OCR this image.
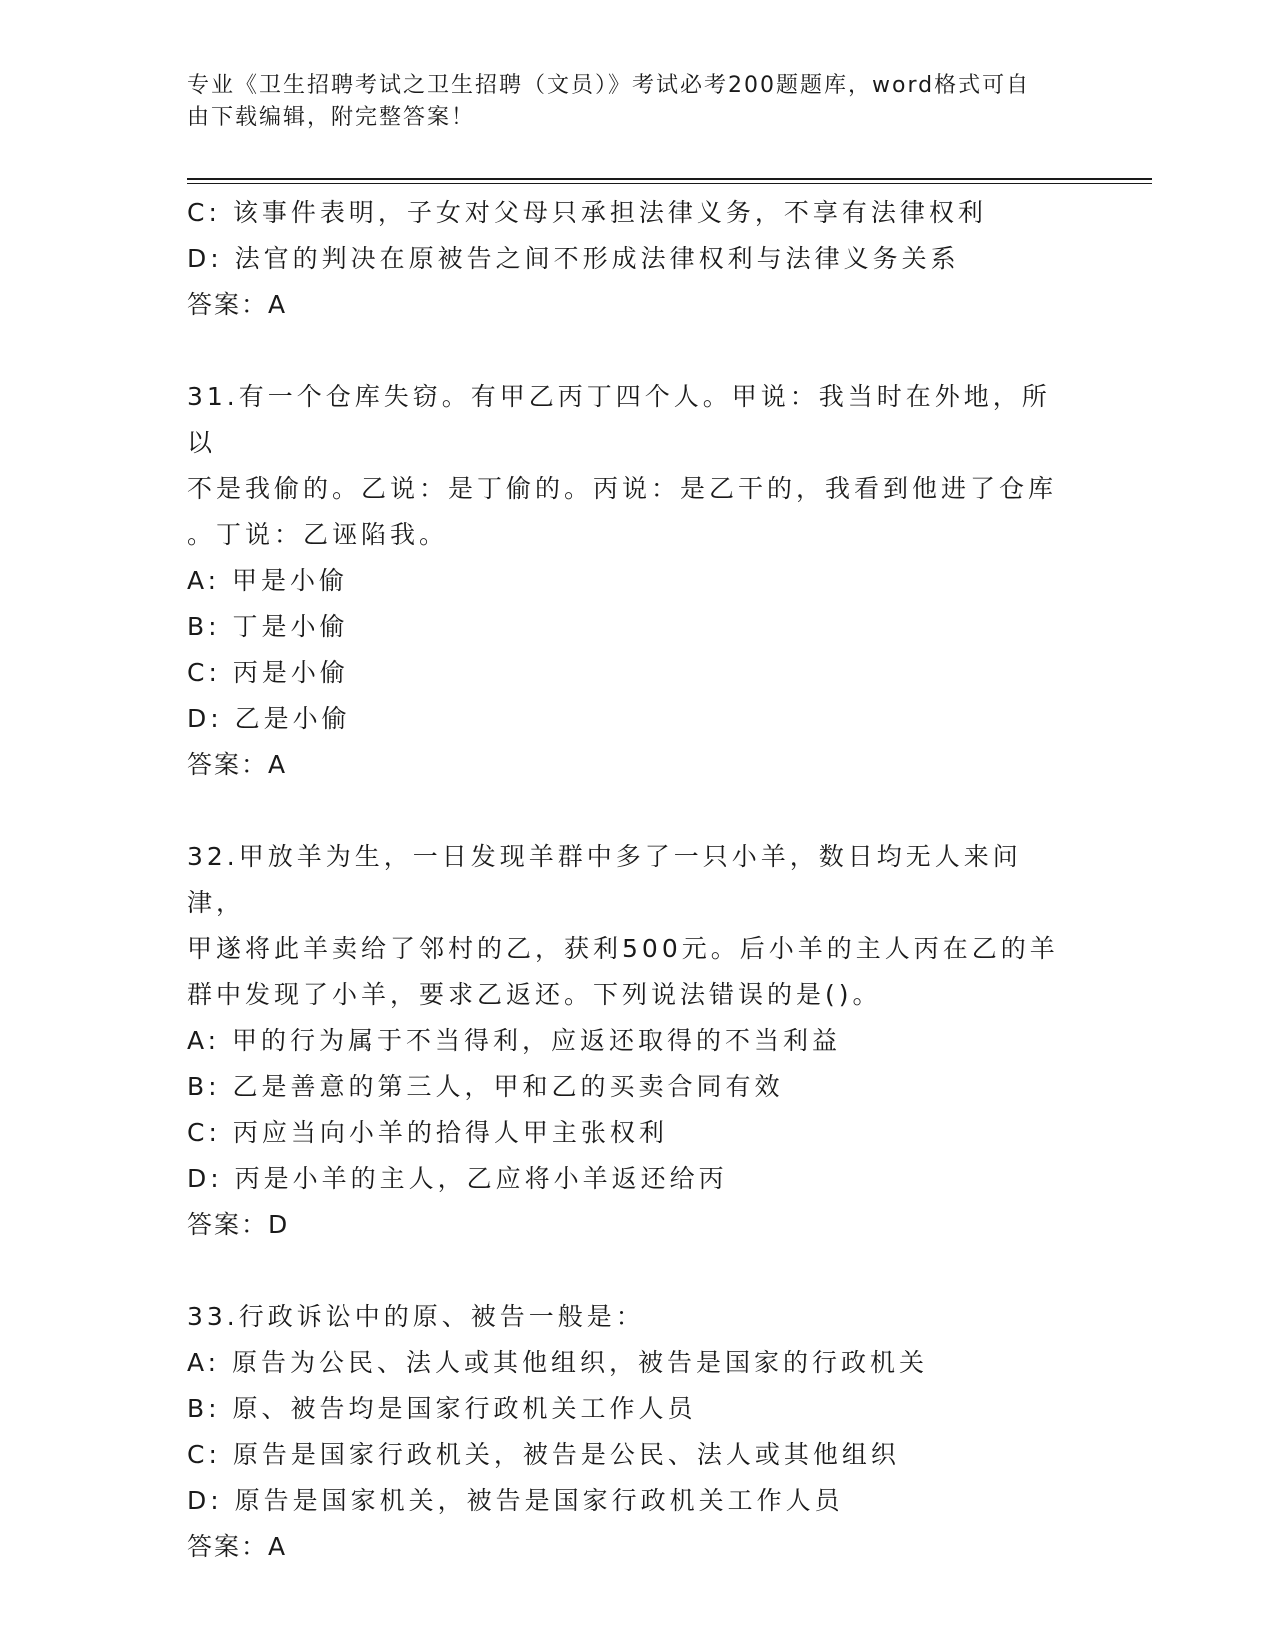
专业《卫生招聘考试之卫生招聘（文员）》考试必考200题题库，word格式可自
由下载编辑，附完整答案！
C: 该事件表明，子女对父母只承担法律义务，不享有法律权利
D: 法官的判决在原被告之间不形成法律权利与法律义务关系
答案：A
31.有一个仓库失窃。有甲乙丙丁四个人。甲说：我当时在外地，所以
不是我偷的。乙说：是丁偷的。丙说：是乙干的，我看到他进了仓库
。丁说：乙诬陷我。
A: 甲是小偷
B: 丁是小偷
C: 丙是小偷
D: 乙是小偷
答案：A
32.甲放羊为生，一日发现羊群中多了一只小羊，数日均无人来问津，
甲遂将此羊卖给了邻村的乙，获利500元。后小羊的主人丙在乙的羊
群中发现了小羊，要求乙返还。下列说法错误的是()。
A: 甲的行为属于不当得利，应返还取得的不当利益
B: 乙是善意的第三人，甲和乙的买卖合同有效
C: 丙应当向小羊的拾得人甲主张权利
D: 丙是小羊的主人，乙应将小羊返还给丙
答案：D
33.行政诉讼中的原、被告一般是：
A: 原告为公民、法人或其他组织，被告是国家的行政机关
B: 原、被告均是国家行政机关工作人员
C: 原告是国家行政机关，被告是公民、法人或其他组织
D: 原告是国家机关，被告是国家行政机关工作人员
答案：A
